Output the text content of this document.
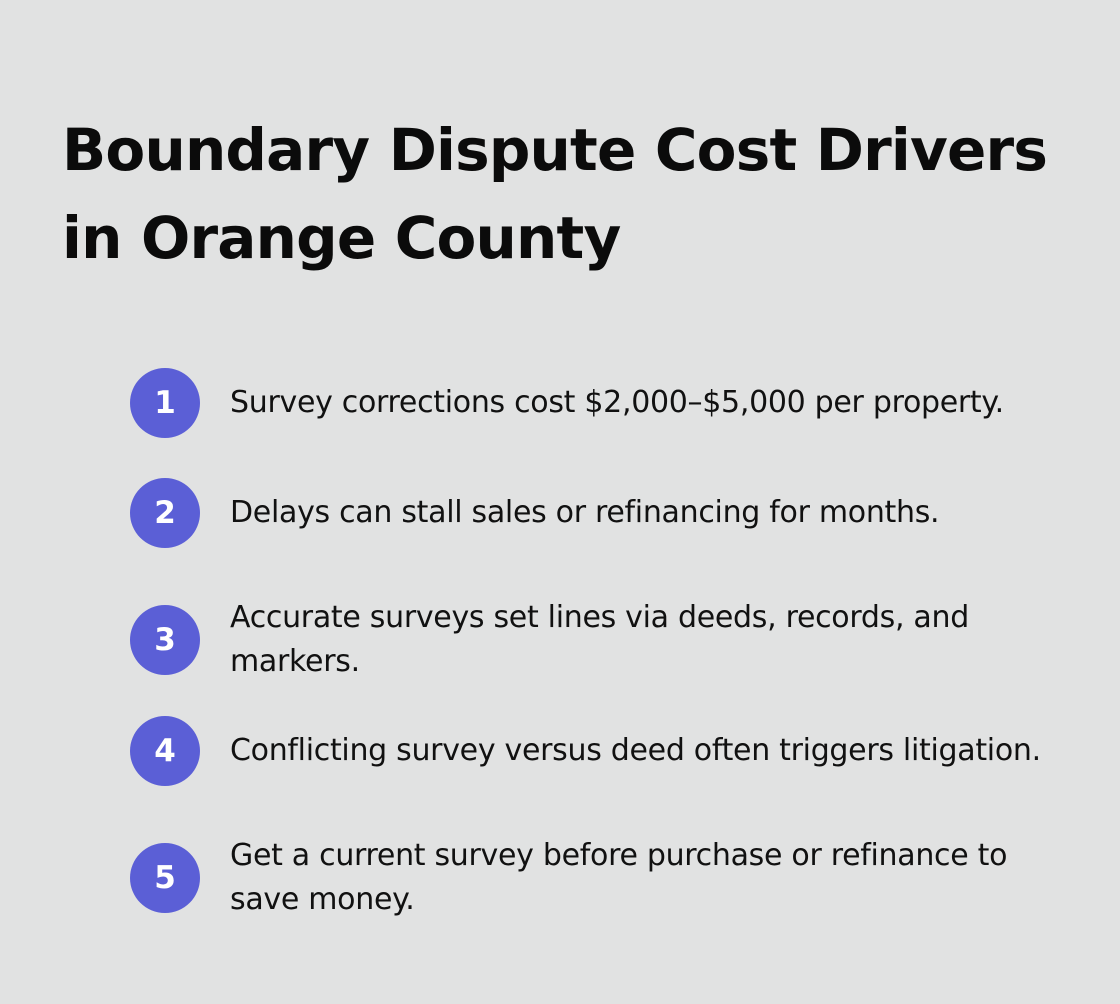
Boundary Dispute Cost Drivers in Orange County
1	Survey corrections cost $2,000–$5,000 per property.
2	Delays can stall sales or refinancing for months.
3
Accurate surveys set lines via deeds, records, and markers.
4	Conflicting survey versus deed often triggers litigation.
5
Get a current survey before purchase or refinance to save money.
